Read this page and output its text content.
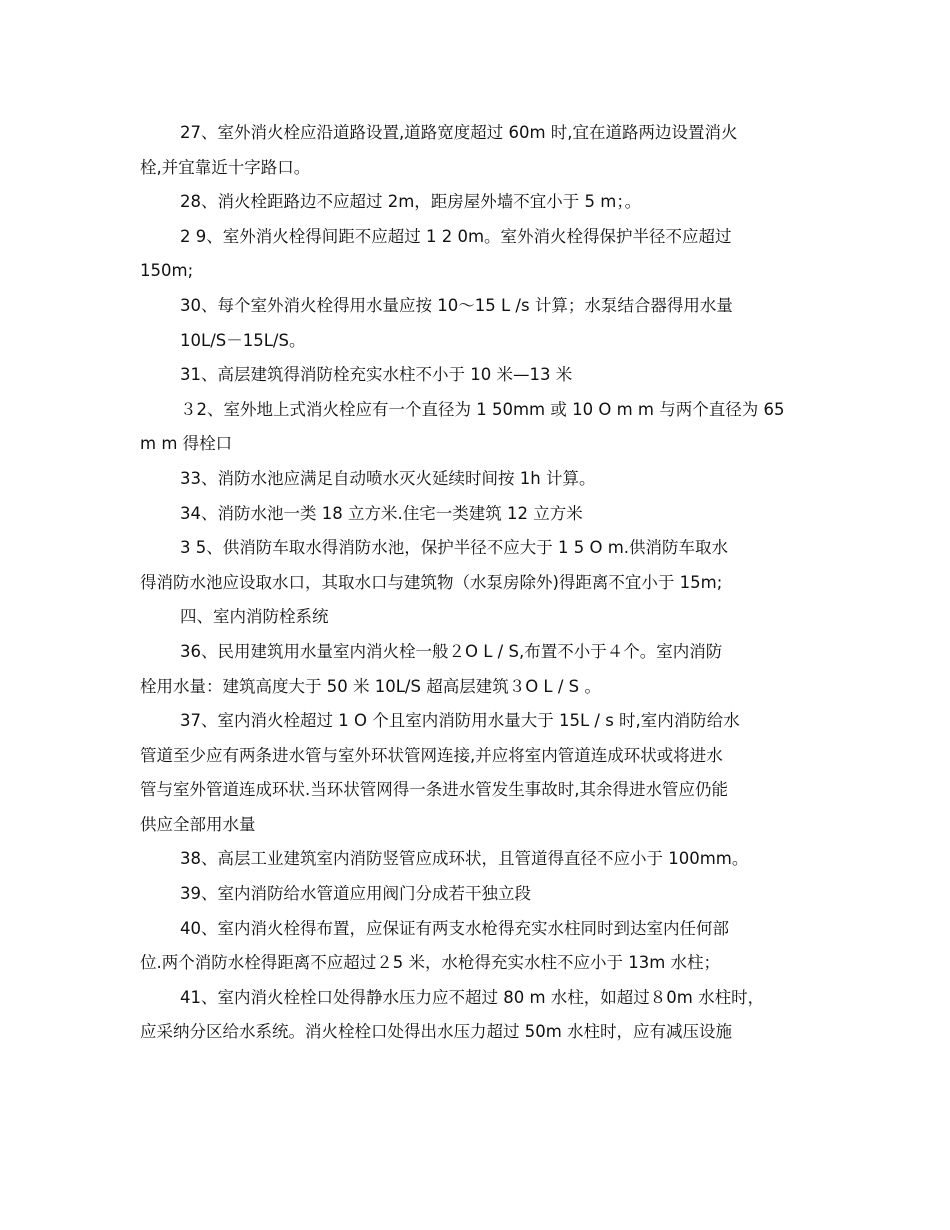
27、室外消火栓应沿道路设置,道路宽度超过 60m 时,宜在道路两边设置消火
栓,并宜靠近十字路口。
28、消火栓距路边不应超过 2m，距房屋外墙不宜小于 5 m；。
2 9、室外消火栓得间距不应超过 1 2 0m。室外消火栓得保护半径不应超过
150m;
30、每个室外消火栓得用水量应按 10～15 L /s 计算；水泵结合器得用水量
10L/S－15L/S。
31、高层建筑得消防栓充实水柱不小于 10 米—13 米
３2、室外地上式消火栓应有一个直径为 1 50mm 或 10 O m m 与两个直径为 65
m m 得栓口
33、消防水池应满足自动喷水灭火延续时间按 1h 计算。
34、消防水池一类 18 立方米.住宅一类建筑 12 立方米
3 5、供消防车取水得消防水池，保护半径不应大于 1 5 O m.供消防车取水
得消防水池应设取水口，其取水口与建筑物（水泵房除外)得距离不宜小于 15m;
四、室内消防栓系统
36、民用建筑用水量室内消火栓一般２O L / S,布置不小于４个。室内消防
栓用水量：建筑高度大于 50 米 10L/S 超高层建筑３O L / S 。
37、室内消火栓超过 1 O 个且室内消防用水量大于 15L / s 时,室内消防给水
管道至少应有两条进水管与室外环状管网连接,并应将室内管道连成环状或将进水
管与室外管道连成环状.当环状管网得一条进水管发生事故时,其余得进水管应仍能
供应全部用水量
38、高层工业建筑室内消防竖管应成环状，且管道得直径不应小于 100mm。
39、室内消防给水管道应用阀门分成若干独立段
40、室内消火栓得布置，应保证有两支水枪得充实水柱同时到达室内任何部
位.两个消防水栓得距离不应超过２5 米，水枪得充实水柱不应小于 13m 水柱；
41、室内消火栓栓口处得静水压力应不超过 80 m 水柱，如超过８0m 水柱时，
应采纳分区给水系统。消火栓栓口处得出水压力超过 50m 水柱时，应有减压设施
